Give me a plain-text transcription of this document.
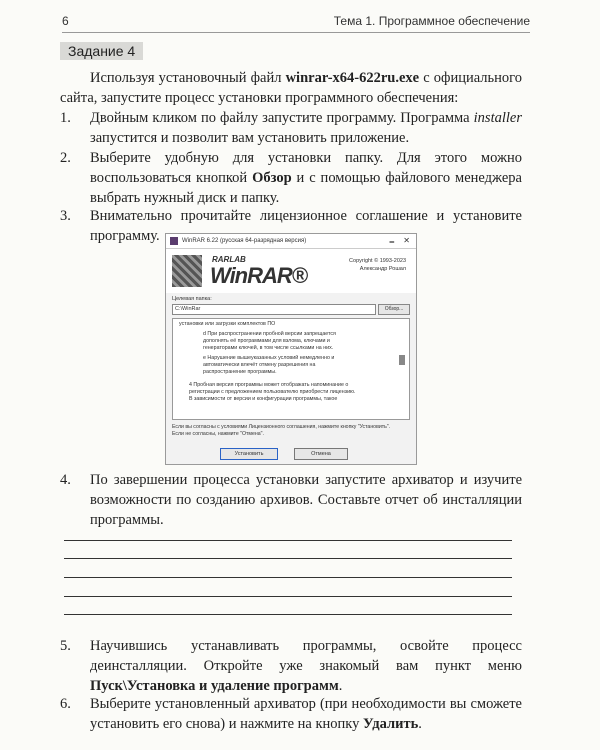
6	Тема 1. Программное обеспечение
Задание 4
Используя установочный файл winrar-x64-622ru.exe с официального сайта, запустите процесс установки программного обеспечения:
1.	Двойным кликом по файлу запустите программу. Программа installer запустится и позволит вам установить приложение.
2.	Выберите удобную для установки папку. Для этого можно воспользоваться кнопкой Обзор и с помощью файлового менеджера выбрать нужный диск и папку.
3.	Внимательно прочитайте лицензионное соглашение и установите программу.	WinRAR 6.22 (русская 64-разрядная версия)	‗ ✕
RARLAB
WinRAR®
Copyright © 1993-2023
Александр Рошал
Целевая папка:
C:\WinRar	Обзор...

установки или загрузки комплектов ПО

d При распространении пробной версии запрещается

дополнять её программами для взлома, ключами и

генераторами ключей, в том числе ссылками на них.

e Нарушение вышеуказанных условий немедленно и

автоматически влечёт отмену разрешения на

распространение программы.

4 Пробная версия программы может отображать напоминание о

регистрации с предложением пользователю приобрести лицензию.

В зависимости от версии и конфигурации программы, такое

Если вы согласны с условиями Лицензионного соглашения, нажмите кнопку "Установить".
Если не согласны, нажмите "Отмена".
Установить	Отмена
4.	По завершении процесса установки запустите архиватор и изучите возможности по созданию архивов. Составьте отчет об инсталляции программы.
5.	Научившись устанавливать программы, освойте процесс деинсталляции. Откройте уже знакомый вам пункт меню Пуск\Установка и удаление программ.
6.	Выберите установленный архиватор (при необходимости вы сможете установить его снова) и нажмите на кнопку Удалить.
